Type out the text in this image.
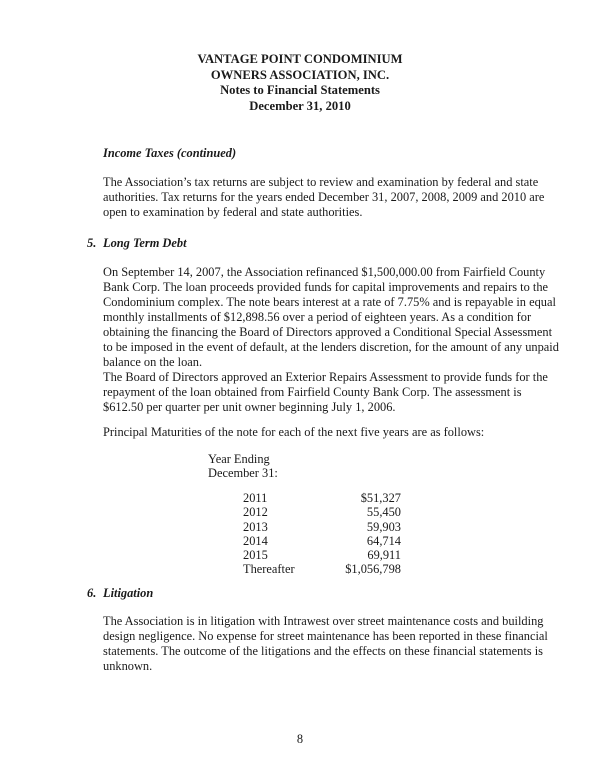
VANTAGE POINT CONDOMINIUM
OWNERS ASSOCIATION, INC.
Notes to Financial Statements
December 31, 2010
Income Taxes (continued)
The Association’s tax returns are subject to review and examination by federal and state
authorities. Tax returns for the years ended December 31, 2007, 2008, 2009 and 2010 are
open to examination by federal and state authorities.
5. Long Term Debt
On September 14, 2007, the Association refinanced $1,500,000.00 from Fairfield County
Bank Corp. The loan proceeds provided funds for capital improvements and repairs to the
Condominium complex. The note bears interest at a rate of 7.75% and is repayable in equal
monthly installments of $12,898.56 over a period of eighteen years. As a condition for
obtaining the financing the Board of Directors approved a Conditional Special Assessment
to be imposed in the event of default, at the lenders discretion, for the amount of any unpaid
balance on the loan.
The Board of Directors approved an Exterior Repairs Assessment to provide funds for the
repayment of the loan obtained from Fairfield County Bank Corp. The assessment is
$612.50 per quarter per unit owner beginning July 1, 2006.
Principal Maturities of the note for each of the next five years are as follows:
Year Ending
December 31:
2011	$51,327
2012	55,450
2013	59,903
2014	64,714
2015	69,911
Thereafter	$1,056,798
6. Litigation
The Association is in litigation with Intrawest over street maintenance costs and building
design negligence. No expense for street maintenance has been reported in these financial
statements. The outcome of the litigations and the effects on these financial statements is
unknown.
8
